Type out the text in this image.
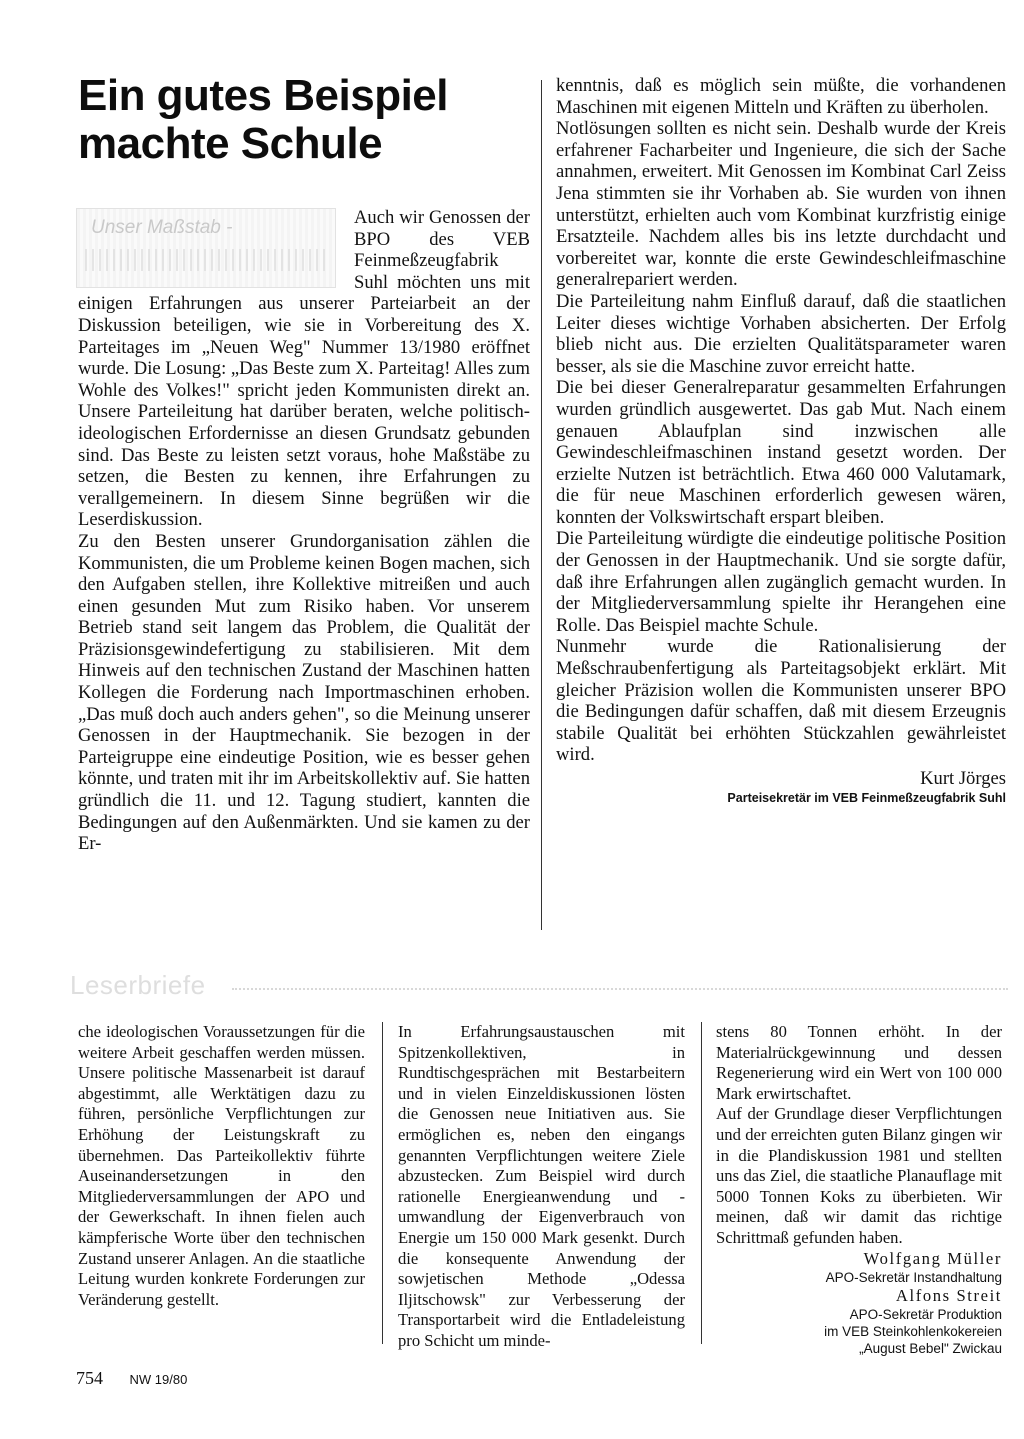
Ein gutes Beispiel
machte Schule
Unser Maßstab -	Auch wir Genossen der BPO des VEB Feinmeßzeugfabrik Suhl möchten uns mit einigen Erfahrungen aus unserer Parteiarbeit an der Diskussion beteiligen, wie sie in Vorbereitung des X. Parteitages im „Neuen Weg" Nummer 13/1980 eröffnet wurde. Die Losung: „Das Beste zum X. Parteitag! Alles zum Wohle des Volkes!" spricht jeden Kommunisten direkt an. Unsere Parteileitung hat darüber beraten, welche politisch-ideologischen Erfordernisse an diesen Grundsatz gebunden sind. Das Beste zu leisten setzt voraus, hohe Maßstäbe zu setzen, die Besten zu kennen, ihre Erfahrungen zu verallgemeinern. In diesem Sinne begrüßen wir die Leserdiskussion.

Zu den Besten unserer Grundorganisation zählen die Kommunisten, die um Probleme keinen Bogen machen, sich den Aufgaben stellen, ihre Kollektive mitreißen und auch einen gesunden Mut zum Risiko haben. Vor unserem Betrieb stand seit langem das Problem, die Qualität der Präzisionsgewindefertigung zu stabilisieren. Mit dem Hinweis auf den technischen Zustand der Maschinen hatten Kollegen die Forderung nach Importmaschinen erhoben. „Das muß doch auch anders gehen", so die Meinung unserer Genossen in der Hauptmechanik. Sie bezogen in der Parteigruppe eine eindeutige Position, wie es besser gehen könnte, und traten mit ihr im Arbeitskollektiv auf. Sie hatten gründlich die 11. und 12. Tagung studiert, kannten die Bedingungen auf den Außenmärkten. Und sie kamen zu der Er-

kenntnis, daß es möglich sein müßte, die vorhandenen Maschinen mit eigenen Mitteln und Kräften zu überholen.

Notlösungen sollten es nicht sein. Deshalb wurde der Kreis erfahrener Facharbeiter und Ingenieure, die sich der Sache annahmen, erweitert. Mit Genossen im Kombinat Carl Zeiss Jena stimmten sie ihr Vorhaben ab. Sie wurden von ihnen unterstützt, erhielten auch vom Kombinat kurzfristig einige Ersatzteile. Nachdem alles bis ins letzte durchdacht und vorbereitet war, konnte die erste Gewindeschleifmaschine generalrepariert werden.

Die Parteileitung nahm Einfluß darauf, daß die staatlichen Leiter dieses wichtige Vorhaben absicherten. Der Erfolg blieb nicht aus. Die erzielten Qualitätsparameter waren besser, als sie die Maschine zuvor erreicht hatte.

Die bei dieser Generalreparatur gesammelten Erfahrungen wurden gründlich ausgewertet. Das gab Mut. Nach einem genauen Ablaufplan sind inzwischen alle Gewindeschleifmaschinen instand gesetzt worden. Der erzielte Nutzen ist beträchtlich. Etwa 460 000 Valutamark, die für neue Maschinen erforderlich gewesen wären, konnten der Volkswirtschaft erspart bleiben.

Die Parteileitung würdigte die eindeutige politische Position der Genossen in der Hauptmechanik. Und sie sorgte dafür, daß ihre Erfahrungen allen zugänglich gemacht wurden. In der Mitgliederversammlung spielte ihr Herangehen eine Rolle. Das Beispiel machte Schule.

Nunmehr wurde die Rationalisierung der Meßschraubenfertigung als Parteitagsobjekt erklärt. Mit gleicher Präzision wollen die Kommunisten unserer BPO die Bedingungen dafür schaffen, daß mit diesem Erzeugnis stabile Qualität bei erhöhten Stückzahlen gewährleistet wird.

Kurt Jörges
Parteisekretär im VEB Feinmeßzeugfabrik Suhl
Leserbriefe

che ideologischen Voraussetzungen für die weitere Arbeit geschaffen werden müssen. Unsere politische Massenarbeit ist darauf abgestimmt, alle Werktätigen dazu zu führen, persönliche Verpflichtungen zur Erhöhung der Leistungskraft zu übernehmen. Das Parteikollektiv führte Auseinandersetzungen in den Mitgliederversammlungen der APO und der Gewerkschaft. In ihnen fielen auch kämpferische Worte über den technischen Zustand unserer Anlagen. An die staatliche Leitung wurden konkrete Forderungen zur Veränderung gestellt.

In Erfahrungsaustauschen mit Spitzenkollektiven, in Rundtischgesprächen mit Bestarbeitern und in vielen Einzeldiskussionen lösten die Genossen neue Initiativen aus. Sie ermöglichen es, neben den eingangs genannten Verpflichtungen weitere Ziele abzustecken. Zum Beispiel wird durch rationelle Energieanwendung und -umwandlung der Eigenverbrauch von Energie um 150 000 Mark gesenkt. Durch die konsequente Anwendung der sowjetischen Methode „Odessa Iljitschowsk" zur Verbesserung der Transportarbeit wird die Entladeleistung pro Schicht um minde-

stens 80 Tonnen erhöht. In der Materialrückgewinnung und dessen Regenerierung wird ein Wert von 100 000 Mark erwirtschaftet.

Auf der Grundlage dieser Verpflichtungen und der erreichten guten Bilanz gingen wir in die Plandiskussion 1981 und stellten uns das Ziel, die staatliche Planauflage mit 5000 Tonnen Koks zu überbieten. Wir meinen, daß wir damit das richtige Schrittmaß gefunden haben.

Wolfgang Müller
APO-Sekretär Instandhaltung
Alfons Streit
APO-Sekretär Produktion
im VEB Steinkohlenkokereien
„August Bebel" Zwickau
754 NW 19/80
